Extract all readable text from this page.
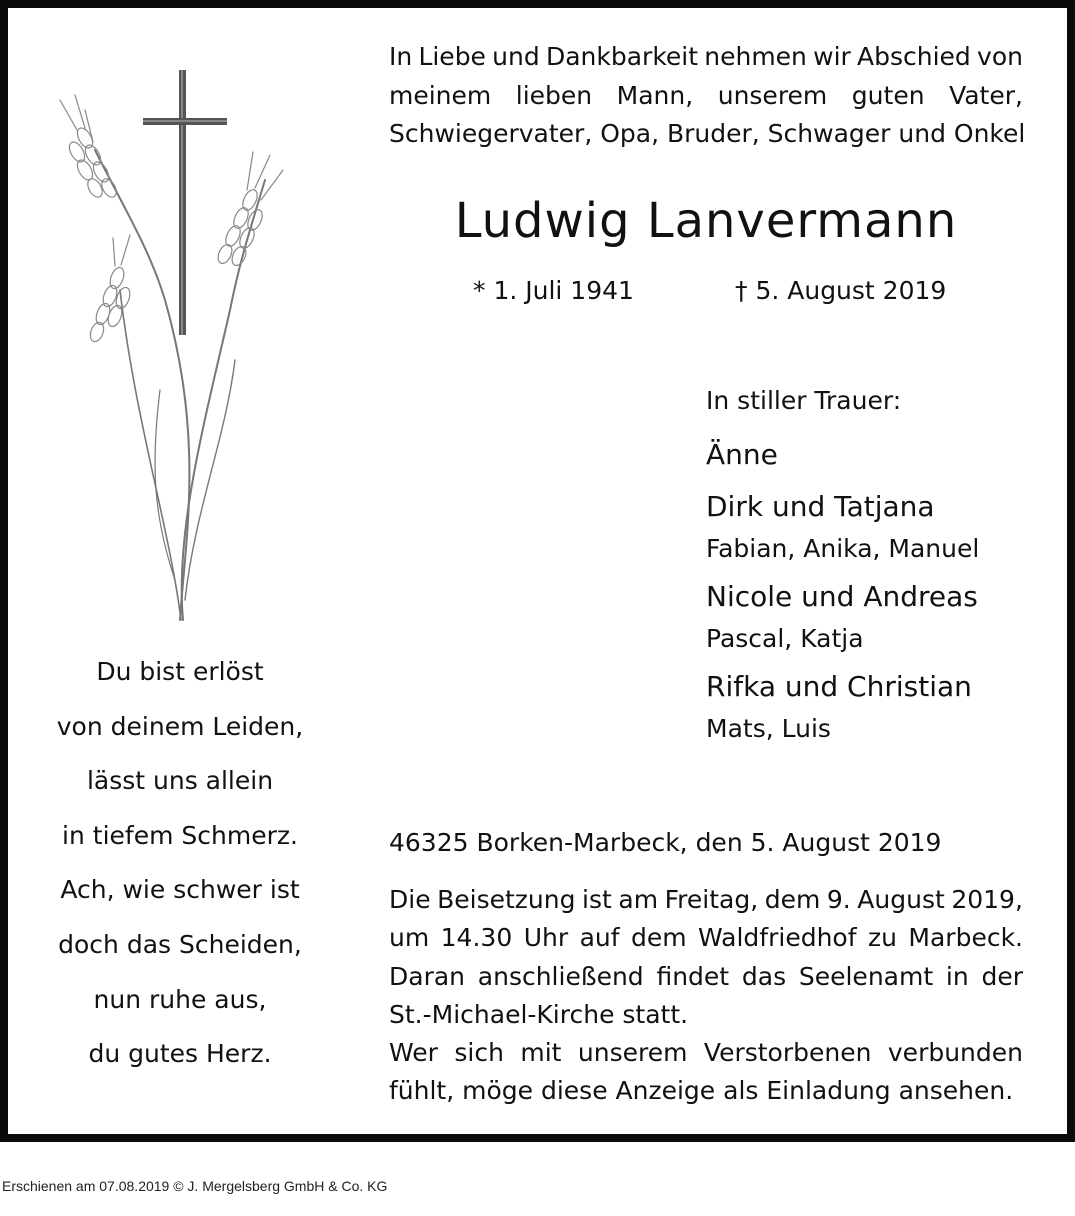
Du bist erlöst
von deinem Leiden,
lässt uns allein
in tiefem Schmerz.
Ach, wie schwer ist
doch das Scheiden,
nun ruhe aus,
du gutes Herz.
In Liebe und Dankbarkeit nehmen wir Abschied von
meinem lieben Mann, unserem guten Vater,
Schwiegervater, Opa, Bruder, Schwager und Onkel
Ludwig Lanvermann
* 1. Juli 1941	† 5. August 2019
In stiller Trauer:
Änne
Dirk und Tatjana
Fabian, Anika, Manuel
Nicole und Andreas
Pascal, Katja
Rifka und Christian
Mats, Luis
46325 Borken-Marbeck, den 5. August 2019
Die Beisetzung ist am Freitag, dem 9. August 2019,
um 14.30 Uhr auf dem Waldfriedhof zu Marbeck.
Daran anschließend findet das Seelenamt in der
St.-Michael-Kirche statt.
Wer sich mit unserem Verstorbenen verbunden
fühlt, möge diese Anzeige als Einladung ansehen.
Erschienen am 07.08.2019 © J. Mergelsberg GmbH & Co. KG
